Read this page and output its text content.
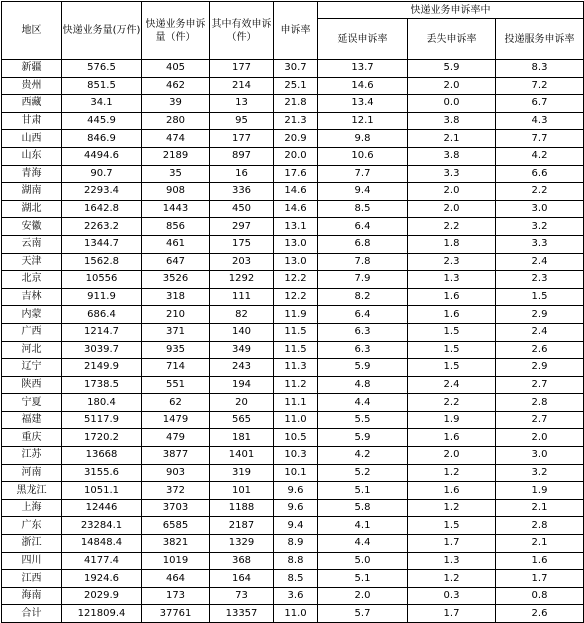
地区	快递业务量(万件)	快递业务申诉量（件）	其中有效申诉（件）	申诉率	快递业务申诉率中		
					延误申诉率	丢失申诉率	投递服务申诉率
新疆	576.5	405	177	30.7	13.7	5.9	8.3
贵州	851.5	462	214	25.1	14.6	2.0	7.2
西藏	34.1	39	13	21.8	13.4	0.0	6.7
甘肃	445.9	280	95	21.3	12.1	3.8	4.3
山西	846.9	474	177	20.9	9.8	2.1	7.7
山东	4494.6	2189	897	20.0	10.6	3.8	4.2
青海	90.7	35	16	17.6	7.7	3.3	6.6
湖南	2293.4	908	336	14.6	9.4	2.0	2.2
湖北	1642.8	1443	450	14.6	8.5	2.0	3.0
安徽	2263.2	856	297	13.1	6.4	2.2	3.2
云南	1344.7	461	175	13.0	6.8	1.8	3.3
天津	1562.8	647	203	13.0	7.8	2.3	2.4
北京	10556	3526	1292	12.2	7.9	1.3	2.3
吉林	911.9	318	111	12.2	8.2	1.6	1.5
内蒙	686.4	210	82	11.9	6.4	1.6	2.9
广西	1214.7	371	140	11.5	6.3	1.5	2.4
河北	3039.7	935	349	11.5	6.3	1.5	2.6
辽宁	2149.9	714	243	11.3	5.9	1.5	2.9
陕西	1738.5	551	194	11.2	4.8	2.4	2.7
宁夏	180.4	62	20	11.1	4.4	2.2	2.8
福建	5117.9	1479	565	11.0	5.5	1.9	2.7
重庆	1720.2	479	181	10.5	5.9	1.6	2.0
江苏	13668	3877	1401	10.3	4.2	2.0	3.0
河南	3155.6	903	319	10.1	5.2	1.2	3.2
黑龙江	1051.1	372	101	9.6	5.1	1.6	1.9
上海	12446	3703	1188	9.6	5.8	1.2	2.1
广东	23284.1	6585	2187	9.4	4.1	1.5	2.8
浙江	14848.4	3821	1329	8.9	4.4	1.7	2.1
四川	4177.4	1019	368	8.8	5.0	1.3	1.6
江西	1924.6	464	164	8.5	5.1	1.2	1.7
海南	2029.9	173	73	3.6	2.0	0.3	0.8
合计	121809.4	37761	13357	11.0	5.7	1.7	2.6
